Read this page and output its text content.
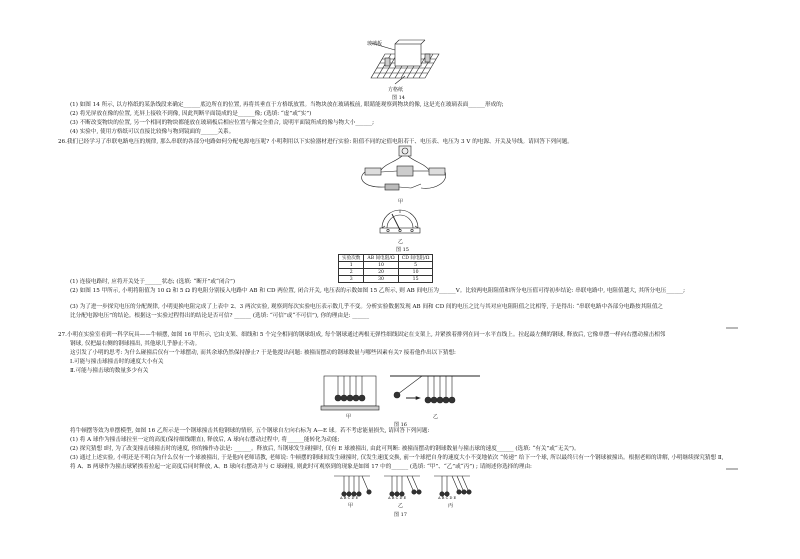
玻璃板
方格纸
图 14
(1) 如图 14 所示, 以方格纸的某条线段来确定______底边所在的位置, 再将其垂直于方格纸放置。当物块放在玻璃板前, 眼睛能观察到物块的像, 这是光在玻璃表面______形成的;
(2) 将光屏放在像的位置, 光屏上接收不到像, 因此判断平面镜成的是______像; (选填: “虚”或“实”)
(3) 不断改变物块的位置, 另一个相同的物块都能放在玻璃板后相应位置与像完全重合, 说明平面镜所成的像与物大小______;
(4) 实验中, 使用方格纸可以直接比较像与物到镜面的______关系。
26.我们已经学习了串联电路电压的规律, 那么串联的各部分电路如何分配电源电压呢? 小明利用以下实验器材进行实验: 阻值不同的定值电阻若干、电压表、电压为 3 V 的电源、开关及导线。请回答下列问题。
甲
乙
图 15
实验次数	AB 间电阻/Ω	CD 间电阻/Ω
1	10	5
2	20	10
3	30	15
(1) 连接电路时, 应将开关处于______状态; (选填: “断开”或“闭合”)
(2) 如图 15 甲所示, 小明将阻值为 10 Ω 和 5 Ω 的电阻分别接入电路中 AB 和 CD 两位置, 闭合开关, 电压表的示数如图 15 乙所示, 则 AB 间电压为______V。比较两电阻阻值和所分电压值可得初步结论: 串联电路中, 电阻值越大, 其所分电压______;
(3) 为了进一步探究电压的分配规律, 小明更换电阻完成了上表中 2、3 两次实验, 观察到每次实验电压表示数几乎不变。分析实验数据发现 AB 间和 CD 间的电压之比与其对应电阻阻值之比相等, 于是得出: “串联电路中各部分电路按其阻值之
比分配电源电压”的结论。根据这一实验过程得出的结论是否可信? ______ (选填: “可信”或“不可信”), 你的理由是: ______
27.小明在实验室看到一科学玩具——牛顿摆, 如图 16 甲所示, 它由支架、细线和 5 个完全相同的钢球组成, 每个钢球通过两根无弹性细线固定在支架上, 并紧挨着排列在同一水平直线上。拉起最左侧的钢球, 释放后, 它像单摆一样向右摆动撞击相邻
钢球, 仅把最右侧的钢球撞出, 其他球几乎静止不动。
这引发了小明的思考: 为什么碰撞后仅有一个球摆动, 而其余球仍然保持静止? 于是他提出问题: 被撞而摆动的钢球数量与哪些因素有关? 接着他作出以下猜想:
Ⅰ.可能与撞击球撞击时的速度大小有关
Ⅱ.可能与撞击球的数量多少有关
甲	乙
图 16
将牛顿摆等效为单摆模型, 如图 16 乙所示是一个钢球撞击其他钢球的情形, 五个钢球自左向右标为 A—E 球。若不考虑能量损失, 请回答下列问题:
(1) 将 A 球作为撞击球拉至一定的高度(保持细线绷直), 释放后, A 球向右摆动过程中, 将______能转化为动能;
(2) 探究猜想 Ⅰ时, 为了改变撞击球撞击时的速度, 你的操作办法是: ______。释放后, 当钢球发生碰撞时, 仅有 E 球被撞出, 由此可判断: 被撞而摆动的钢球数量与撞击球的速度______ (选填: “有关”或“无关”)。
(3) 通过上述实验, 小明还是不明白为什么仅有一个球被撞出, 于是他向老师请教, 老师说: 牛顿摆的钢球间发生碰撞时, 仅发生速度交换, 前一个球把自身的速度大小不变地依次 “传递” 给下一个球, 所以最终只有一个钢球被撞出。根据老师的讲解, 小明继续探究猜想 Ⅱ,
将 A、B 两球作为撞击球紧挨着拉起一定高度后同时释放, A、B 球向右摆动并与 C 球碰撞, 则此时可观察到的现象是如图 17 中的______ (选填: “甲”、“乙”或“丙”) ; 请阐述你选择的理由:
A B C D E	A B C D E	A B C D E
甲	乙	丙
图 17
